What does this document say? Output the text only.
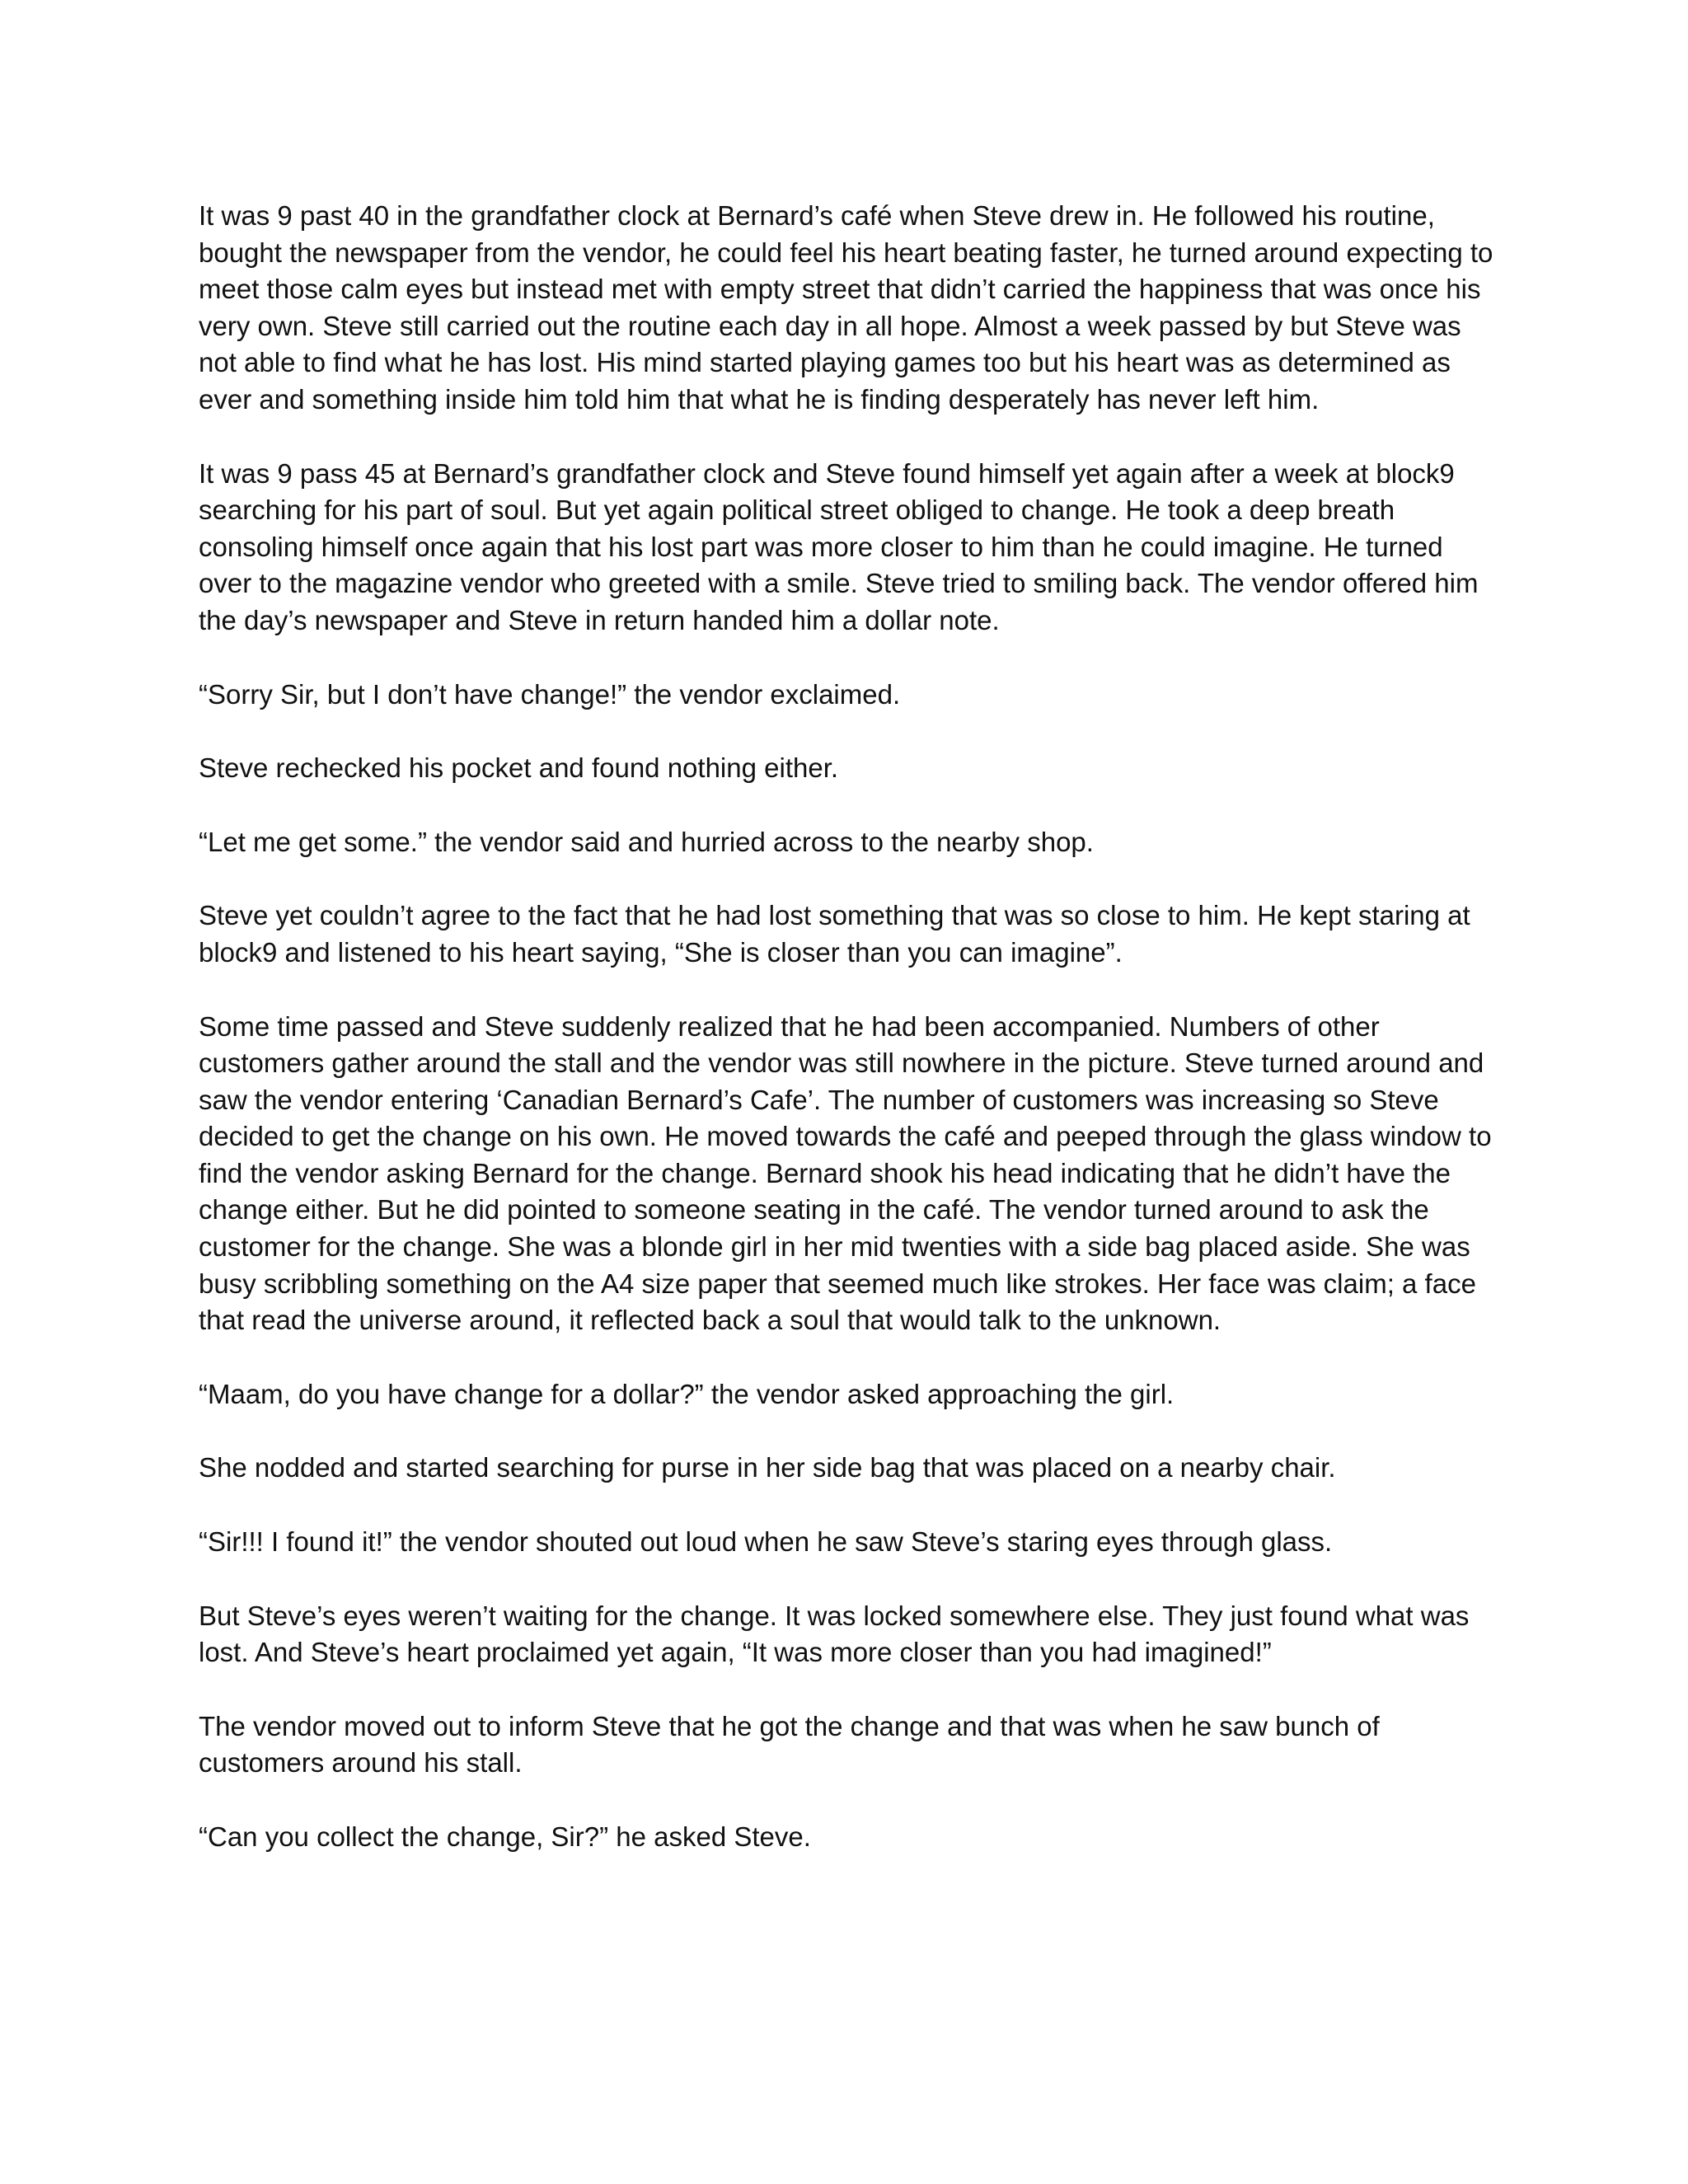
It was 9 past 40 in the grandfather clock at Bernard’s café when Steve drew in. He followed his routine, bought the newspaper from the vendor, he could feel his heart beating faster, he turned around expecting to meet those calm eyes but instead met with empty street that didn’t carried the happiness that was once his very own. Steve still carried out the routine each day in all hope. Almost a week passed by but Steve was not able to find what he has lost. His mind started playing games too but his heart was as determined as ever and something inside him told him that what he is finding desperately has never left him.

It was 9 pass 45 at Bernard’s grandfather clock and Steve found himself yet again after a week at block9 searching for his part of soul. But yet again political street obliged to change. He took a deep breath consoling himself once again that his lost part was more closer to him than he could imagine. He turned over to the magazine vendor who greeted with a smile. Steve tried to smiling back. The vendor offered him the day’s newspaper and Steve in return handed him a dollar note.

“Sorry Sir, but I don’t have change!” the vendor exclaimed.

Steve rechecked his pocket and found nothing either.

“Let me get some.” the vendor said and hurried across to the nearby shop.

Steve yet couldn’t agree to the fact that he had lost something that was so close to him. He kept staring at block9 and listened to his heart saying, “She is closer than you can imagine”.

Some time passed and Steve suddenly realized that he had been accompanied. Numbers of other customers gather around the stall and the vendor was still nowhere in the picture. Steve turned around and saw the vendor entering ‘Canadian Bernard’s Cafe’. The number of customers was increasing so Steve decided to get the change on his own. He moved towards the café and peeped through the glass window to find the vendor asking Bernard for the change. Bernard shook his head indicating that he didn’t have the change either. But he did pointed to someone seating in the café. The vendor turned around to ask the customer for the change. She was a blonde girl in her mid twenties with a side bag placed aside. She was busy scribbling something on the A4 size paper that seemed much like strokes. Her face was claim; a face that read the universe around, it reflected back a soul that would talk to the unknown.

“Maam, do you have change for a dollar?” the vendor asked approaching the girl.

She nodded and started searching for purse in her side bag that was placed on a nearby chair.

“Sir!!! I found it!” the vendor shouted out loud when he saw Steve’s staring eyes through glass.

But Steve’s eyes weren’t waiting for the change. It was locked somewhere else. They just found what was lost. And Steve’s heart proclaimed yet again, “It was more closer than you had imagined!”

The vendor moved out to inform Steve that he got the change and that was when he saw bunch of customers around his stall.

“Can you collect the change, Sir?” he asked Steve.
